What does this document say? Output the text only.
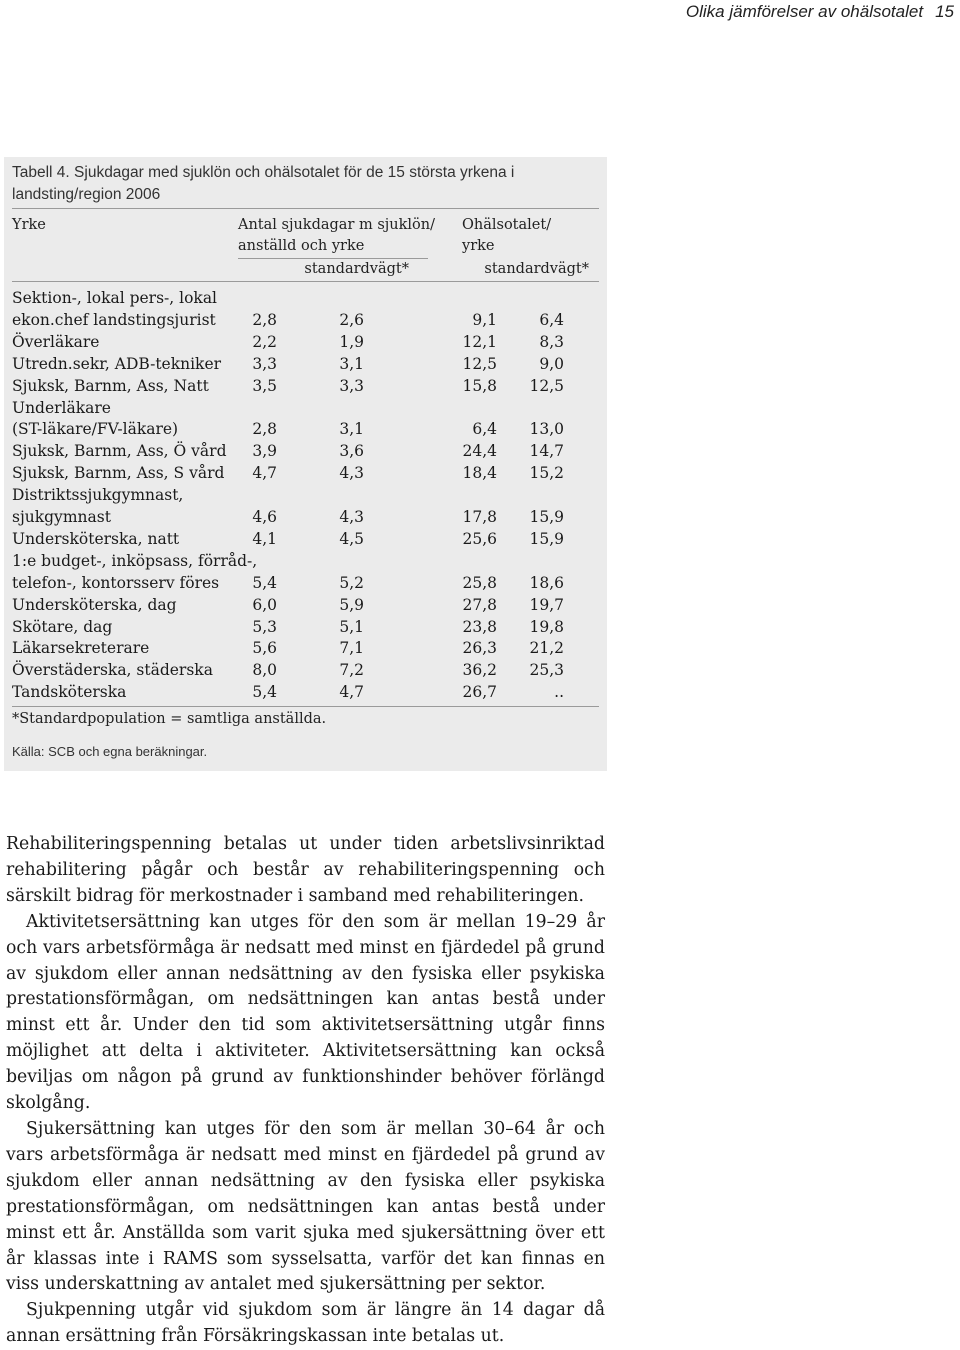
Olika jämförelser av ohälsotalet 15
Tabell 4. Sjukdagar med sjuklön och ohälsotalet för de 15 största yrkena i landsting/region 2006
Yrke	Antal sjukdagar m sjuklön/
anställd och yrke
Ohälsotalet/
yrke
standardvägt*	standardvägt*
Sektion-, lokal pers-, lokal
ekon.chef landstingsjurist 2,8	2,6	9,1	6,4
Överläkare	2,2	1,9	12,1	8,3
Utredn.sekr, ADB-tekniker 3,3	3,1	12,5	9,0
Sjuksk, Barnm, Ass, Natt	3,5	3,3	15,8 12,5
Underläkare
(ST-läkare/FV-läkare)	2,8	3,1	6,4 13,0
Sjuksk, Barnm, Ass, Ö vård 3,9	3,6	24,4 14,7
Sjuksk, Barnm, Ass, S vård 4,7	4,3	18,4 15,2
Distriktssjukgymnast,
sjukgymnast	4,6	4,3	17,8 15,9
Undersköterska, natt	4,1	4,5	25,6 15,9
1:e budget-, inköpsass, förråd-,
telefon-, kontorsserv föres 5,4	5,2	25,8 18,6
Undersköterska, dag	6,0	5,9	27,8 19,7
Skötare, dag	5,3	5,1	23,8 19,8
Läkarsekreterare	5,6	7,1	26,3 21,2
Överstäderska, städerska	8,0	7,2	36,2 25,3
Tandsköterska	5,4	4,7	26,7	..
*Standardpopulation = samtliga anställda.
Källa: SCB och egna beräkningar.

Rehabiliteringspenning betalas ut under tiden arbetslivsinriktad rehabilitering pågår och består av rehabiliteringspenning och särskilt bidrag för merkostnader i samband med rehabiliteringen.

Aktivitetsersättning kan utges för den som är mellan 19–29 år och vars arbetsförmåga är nedsatt med minst en fjärdedel på grund av sjukdom eller annan nedsättning av den fysiska eller psykiska prestationsförmågan, om nedsättningen kan antas bestå under minst ett år. Under den tid som aktivitetsersättning utgår finns möjlighet att delta i aktiviteter. Aktivitetsersättning kan också beviljas om någon på grund av funktionshinder behöver förlängd skolgång.

Sjukersättning kan utges för den som är mellan 30–64 år och vars arbetsförmåga är nedsatt med minst en fjärdedel på grund av sjukdom eller annan nedsättning av den fysiska eller psykiska prestationsförmågan, om nedsättningen kan antas bestå under minst ett år. Anställda som varit sjuka med sjukersättning över ett år klassas inte i RAMS som sysselsatta, varför det kan finnas en viss underskattning av antalet med sjukersättning per sektor.

Sjukpenning utgår vid sjukdom som är längre än 14 dagar då annan ersättning från Försäkringskassan inte betalas ut.
